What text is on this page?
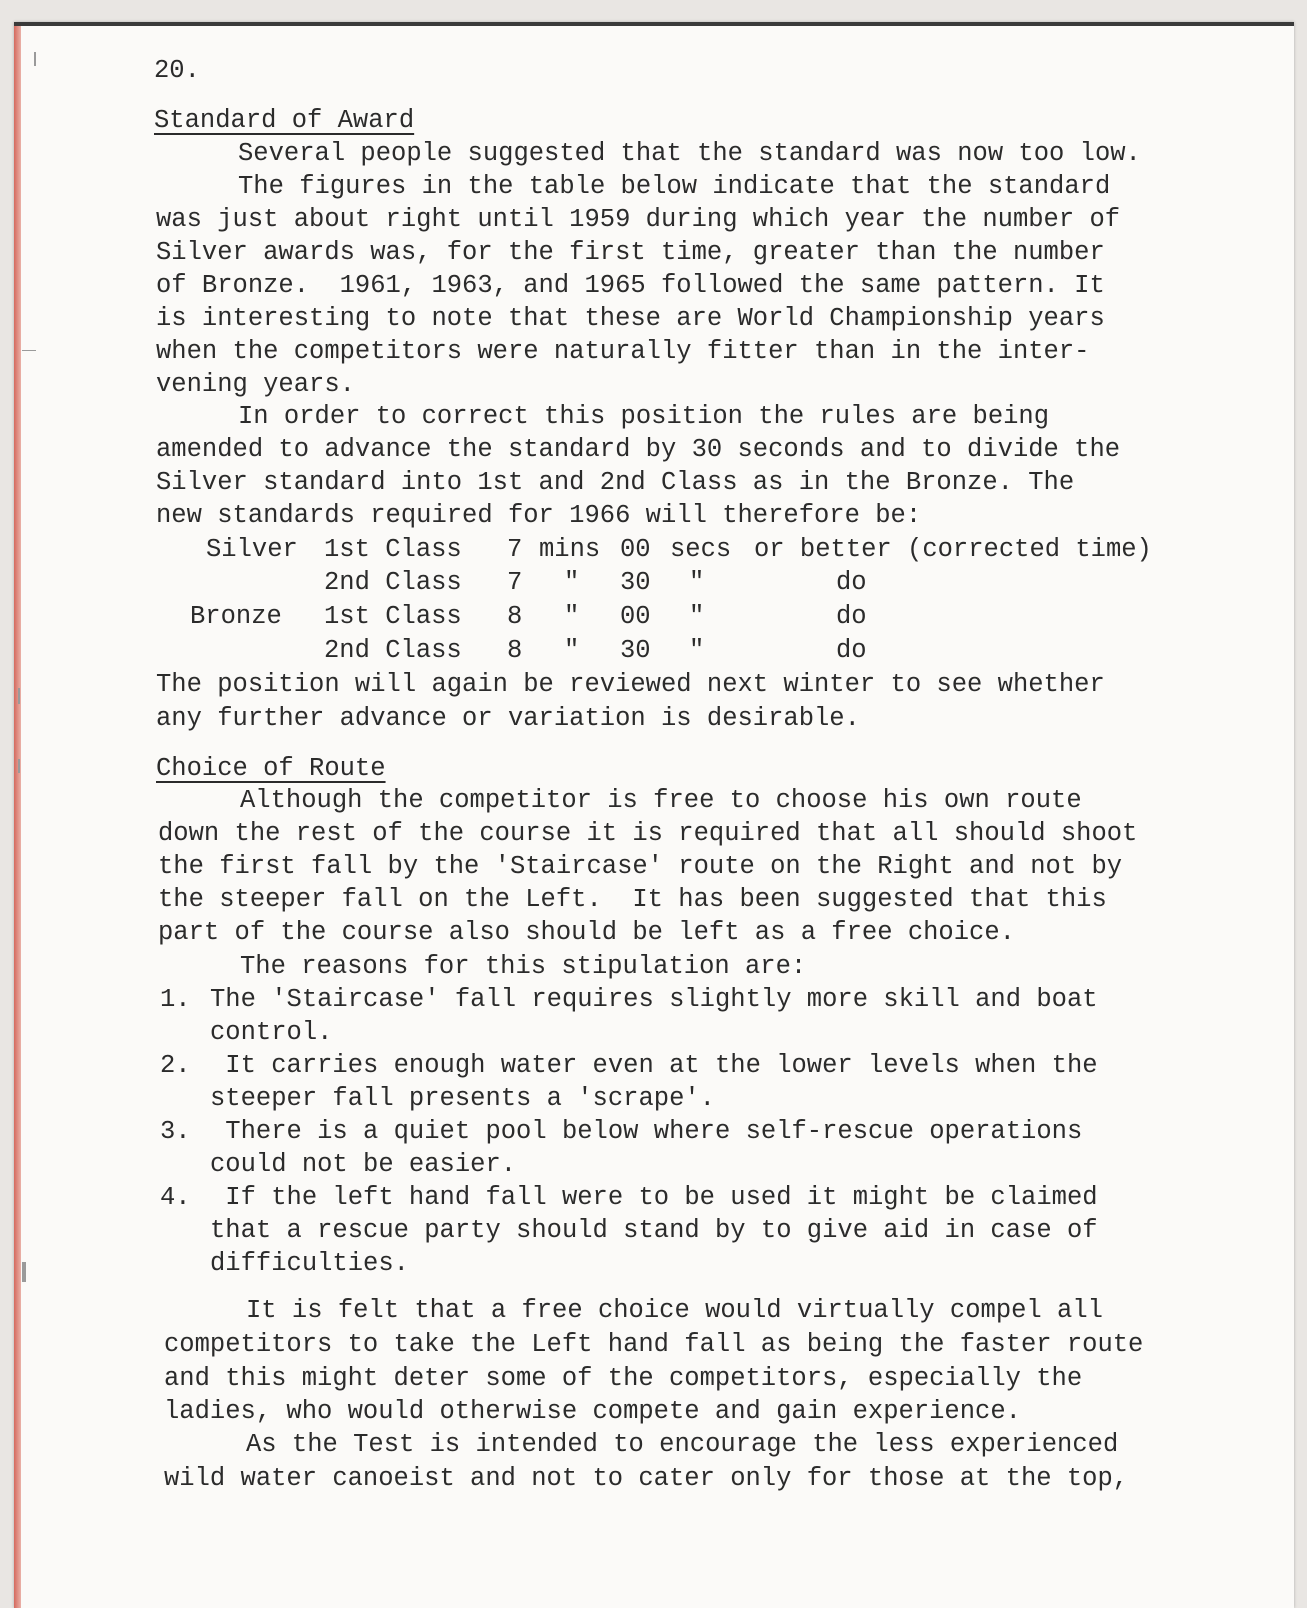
20.
Standard of Award
Several people suggested that the standard was now too low.
The figures in the table below indicate that the standard
was just about right until 1959 during which year the number of
Silver awards was, for the first time, greater than the number
of Bronze.  1961, 1963, and 1965 followed the same pattern. It
is interesting to note that these are World Championship years
when the competitors were naturally fitter than in the inter-
vening years.
In order to correct this position the rules are being
amended to advance the standard by 30 seconds and to divide the
Silver standard into 1st and 2nd Class as in the Bronze. The
new standards required for 1966 will therefore be:
Silver 1st Class 7 mins 00 secs or better (corrected time)
2nd Class 7 " 30 "	do
Bronze 1st Class 8 " 00 "	do
2nd Class 8 " 30 "	do
The position will again be reviewed next winter to see whether
any further advance or variation is desirable.
Choice of Route
Although the competitor is free to choose his own route
down the rest of the course it is required that all should shoot
the first fall by the 'Staircase' route on the Right and not by
the steeper fall on the Left.  It has been suggested that this
part of the course also should be left as a free choice.
The reasons for this stipulation are:
1. The 'Staircase' fall requires slightly more skill and boat
control.
2. It carries enough water even at the lower levels when the
steeper fall presents a 'scrape'.
3. There is a quiet pool below where self-rescue operations
could not be easier.
4. If the left hand fall were to be used it might be claimed
that a rescue party should stand by to give aid in case of
difficulties.
It is felt that a free choice would virtually compel all
competitors to take the Left hand fall as being the faster route
and this might deter some of the competitors, especially the
ladies, who would otherwise compete and gain experience.
As the Test is intended to encourage the less experienced
wild water canoeist and not to cater only for those at the top,
